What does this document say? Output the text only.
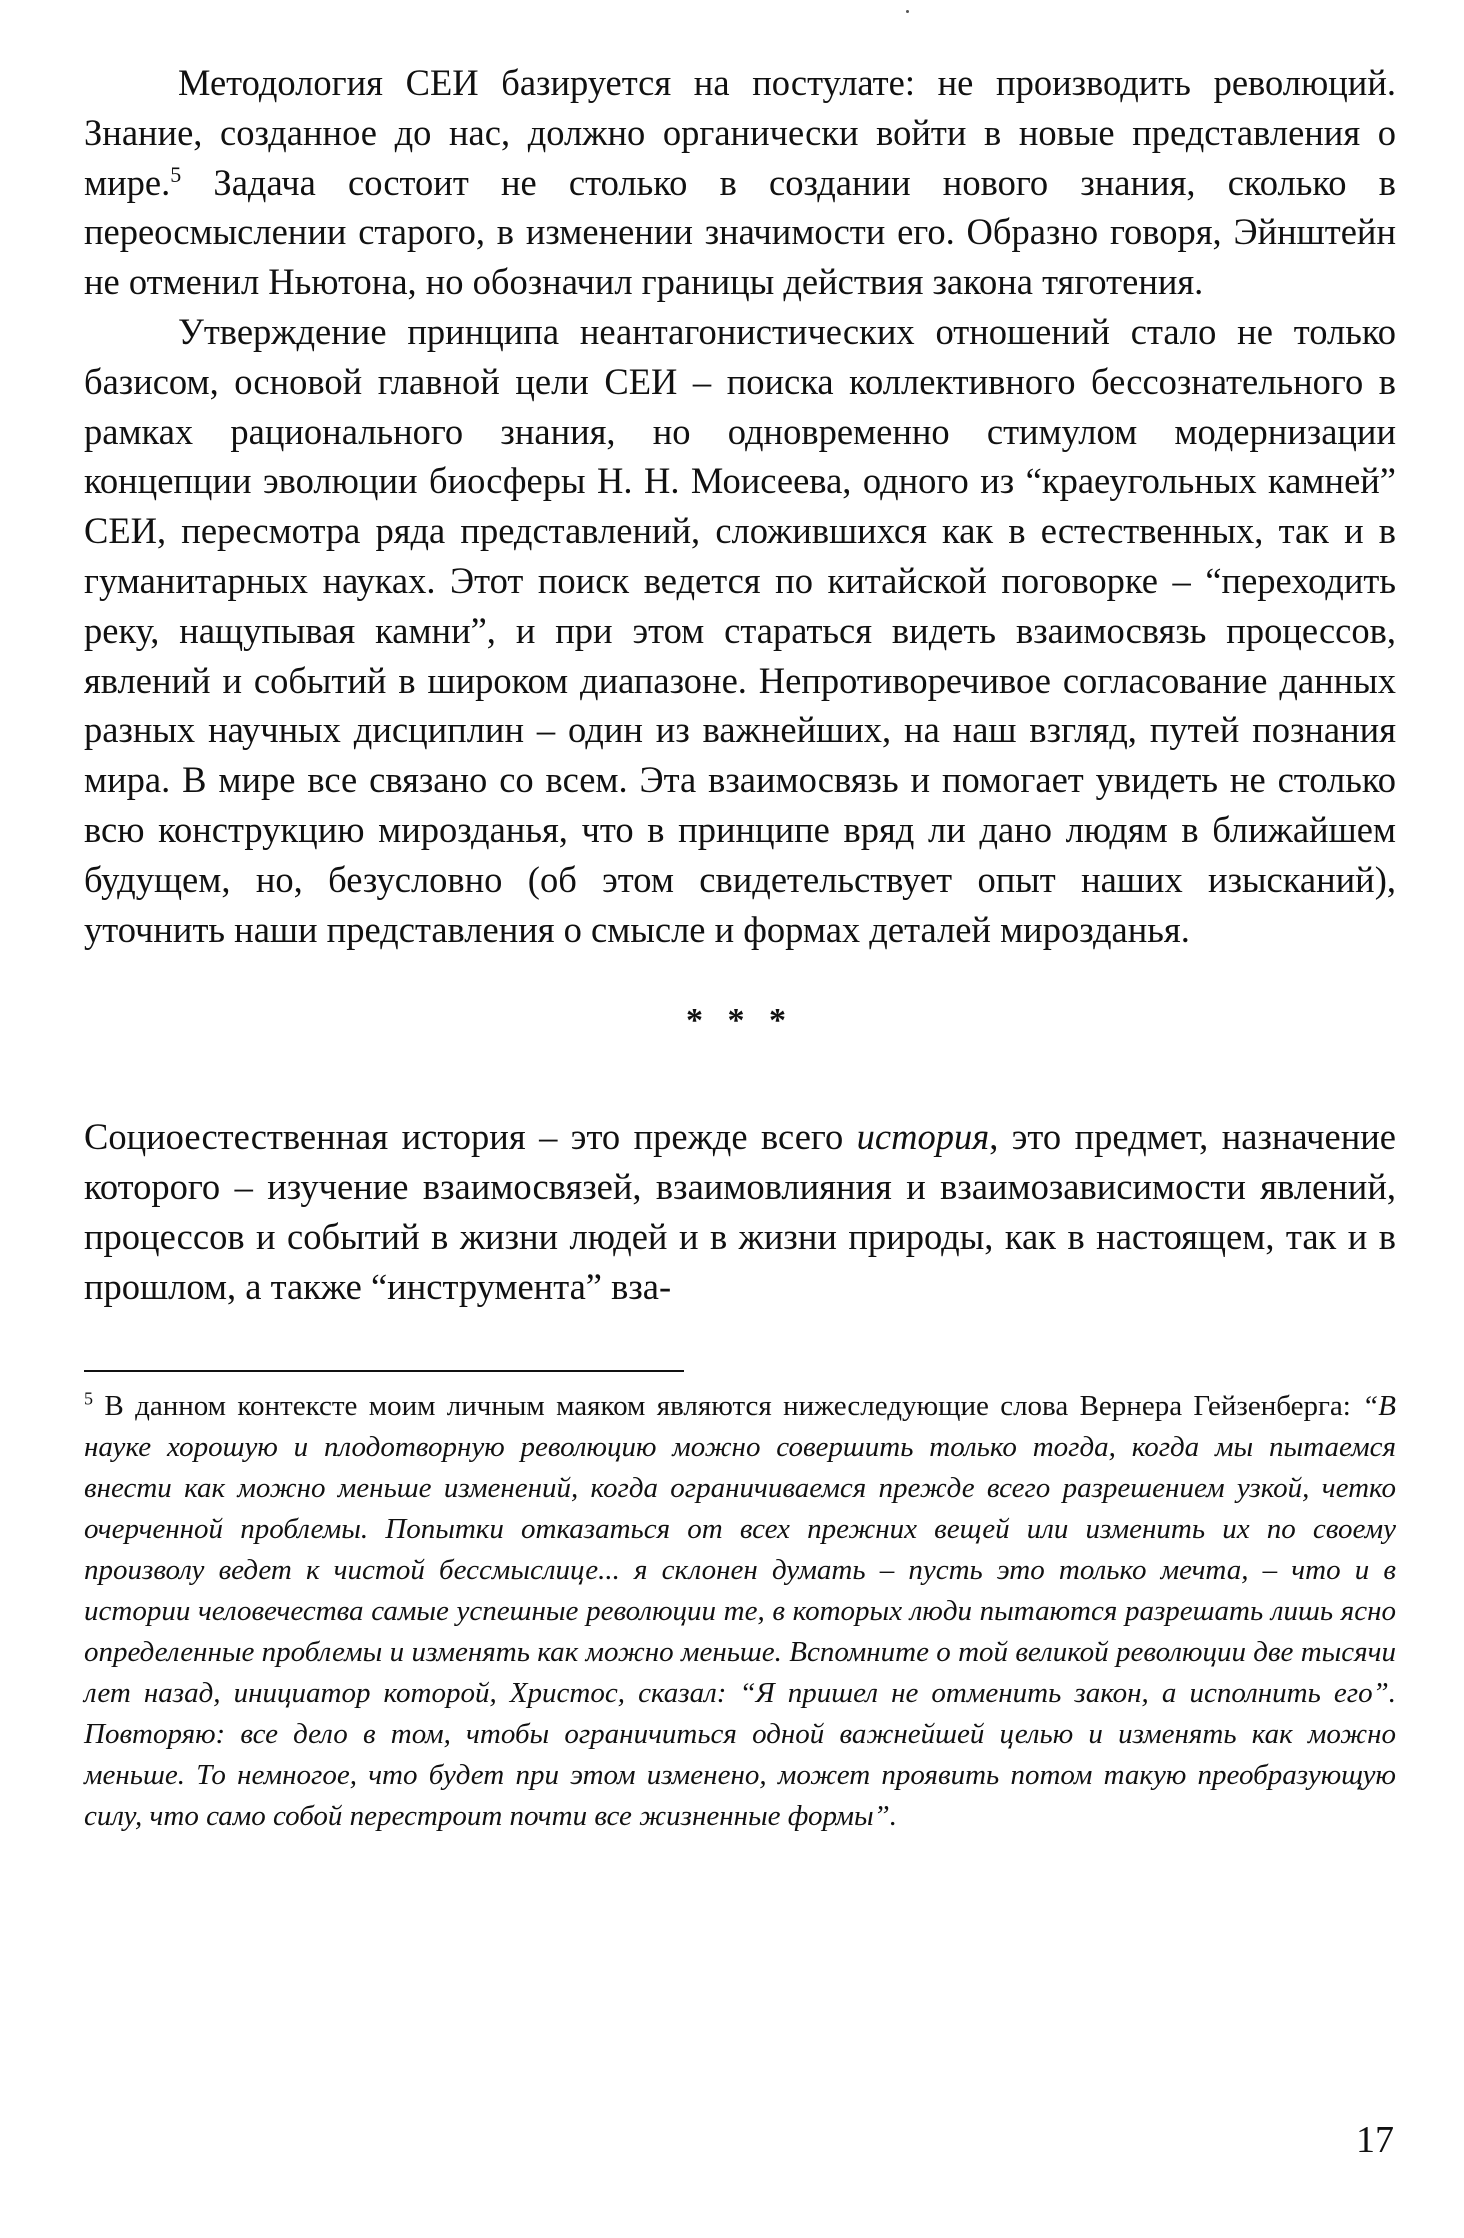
Методология СЕИ базируется на постулате: не производить революций. Знание, созданное до нас, должно органически войти в новые представления о мире.$^5$ Задача состоит не столько в создании нового знания, сколько в переосмыслении старого, в изменении значимости его. Образно говоря, Эйнштейн не отменил Ньютона, но обозначил границы действия закона тяготения.

Утверждение принципа неантагонистических отношений стало не только базисом, основой главной цели СЕИ – поиска коллективного бессознательного в рамках рационального знания, но одновременно стимулом модернизации концепции эволюции биосферы Н. Н. Моисеева, одного из “краеугольных камней” СЕИ, пересмотра ряда представлений, сложившихся как в естественных, так и в гуманитарных науках. Этот поиск ведется по китайской поговорке – “переходить реку, нащупывая камни”, и при этом стараться видеть взаимосвязь процессов, явлений и событий в широком диапазоне. Непротиворечивое согласование данных разных научных дисциплин – один из важнейших, на наш взгляд, путей познания мира. В мире все связано со всем. Эта взаимосвязь и помогает увидеть не столько всю конструкцию мирозданья, что в принципе вряд ли дано людям в ближайшем будущем, но, безусловно (об этом свидетельствует опыт наших изысканий), уточнить наши представления о смысле и формах деталей мирозданья.

* * *

Социоестественная история – это прежде всего история, это предмет, назначение которого – изучение взаимосвязей, взаимовлияния и взаимозависимости явлений, процессов и событий в жизни людей и в жизни природы, как в настоящем, так и в прошлом, а также “инструмента” вза-

$^5$ В данном контексте моим личным маяком являются нижеследующие слова Вернера Гейзенберга: “В науке хорошую и плодотворную революцию можно совершить только тогда, когда мы пытаемся внести как можно меньше изменений, когда ограничиваемся прежде всего разрешением узкой, четко очерченной проблемы. Попытки отказаться от всех прежних вещей или изменить их по своему произволу ведет к чистой бессмыслице... я склонен думать – пусть это только мечта, – что и в истории человечества самые успешные революции те, в которых люди пытаются разрешать лишь ясно определенные проблемы и изменять как можно меньше. Вспомните о той великой революции две тысячи лет назад, инициатор которой, Христос, сказал: “Я пришел не отменить закон, а исполнить его”. Повторяю: все дело в том, чтобы ограничиться одной важнейшей целью и изменять как можно меньше. То немногое, что будет при этом изменено, может проявить потом такую преобразующую силу, что само собой перестроит почти все жизненные формы”.

17
